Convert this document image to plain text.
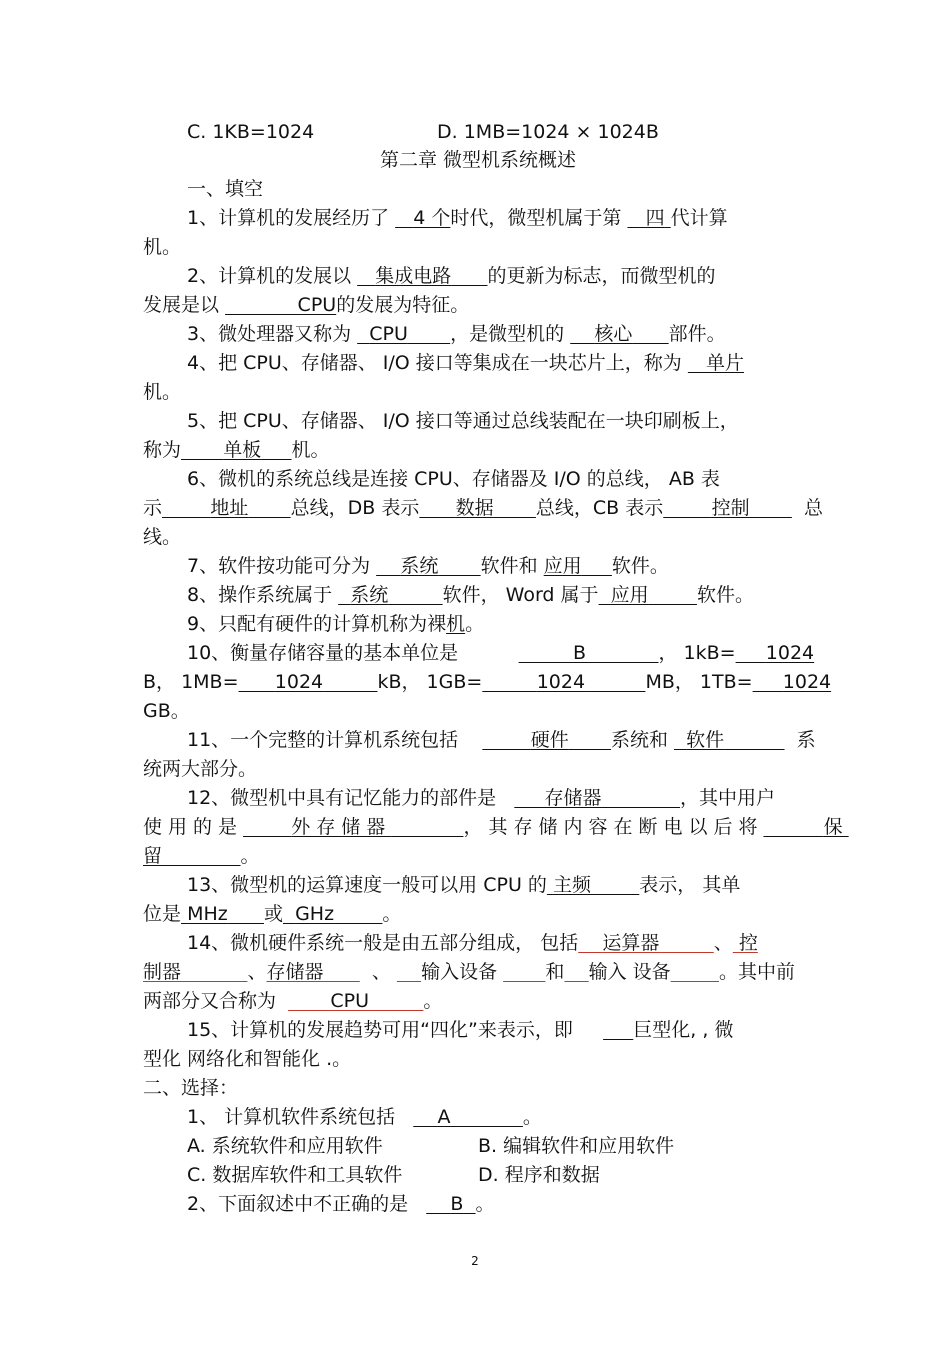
C. 1KB=1024	D. 1MB=1024 × 1024B
第二章 微型机系统概述
一、填空
1、计算机的发展经历了 4 个时代，微型机属于第 四 代计算
机。
2、计算机的发展以 集成电路 的更新为标志，而微型机的
发展是以	CPU的发展为特征。
3、微处理器又称为 CPU ，是微型机的 核心 部件。
4、把 CPU、存储器、 I/O 接口等集成在一块芯片上，称为 单片
机。
5、把 CPU、存储器、 I/O 接口等通过总线装配在一块印刷板上，
称为 单板 机。
6、微机的系统总线是连接 CPU、存储器及 I/O 的总线， AB 表
示	地址 总线，DB 表示 数据 总线，CB 表示	控制	总
线。
7、软件按功能可分为 系统 软件和 应用 软件。
8、操作系统属于 系统	软件， Word 属于 应用	软件。
9、只配有硬件的计算机称为裸机。
10、衡量存储容量的基本单位是	B	， 1kB= 1024
B， 1MB= 1024	kB， 1GB=	1024	MB， 1TB= 1024
GB。
11、一个完整的计算机系统包括	硬件 系统和 软件	系
统两大部分。
12、微型机中具有记忆能力的部件是	存储器	，其中用户
使用的是	外存储器	，其存储内容在断电以后将	保
留	。
13、微型机的运算速度一般可以用 CPU 的 主频	表示， 其单
位是 MHz 或 GHz	。
14、微机硬件系统一般是由五部分组成， 包括 运算器	、 控
制器	、存储器	、 输入设备	和 输入 设备	。其中前
两部分又合称为	CPU	。
15、计算机的发展趋势可用“四化”来表示，即	巨型化, , 微
型化 网络化和智能化 .。
二、选择：
1、 计算机软件系统包括 A	。
A. 系统软件和应用软件	B. 编辑软件和应用软件
C. 数据库软件和工具软件	D. 程序和数据
2、下面叙述中不正确的是 B 。
2
